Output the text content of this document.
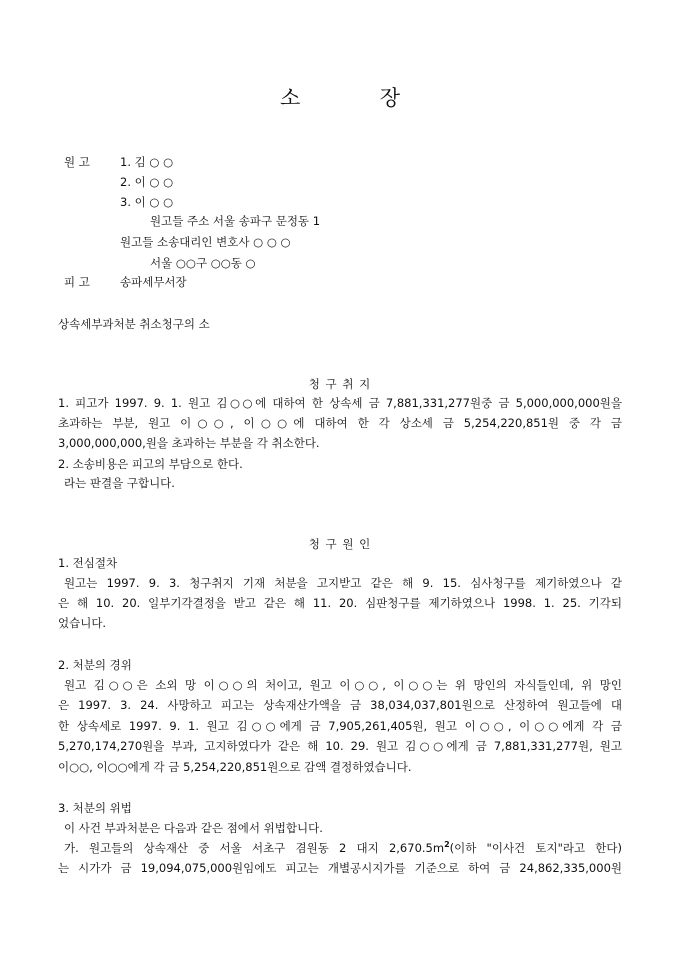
소	장
원 고	1. 김 ○ ○
2. 이 ○ ○
3. 이 ○ ○
원고들 주소 서울 송파구 문정동 1
원고들 소송대리인 변호사 ○ ○ ○
서울 ○○구 ○○동 ○
피 고	송파세무서장
상속세부과처분 취소청구의 소
청 구 취 지
1. 피고가 1997. 9. 1. 원고 김○○에 대하여 한 상속세 금 7,881,331,277원중 금 5,000,000,000원을
초과하는 부분, 원고 이○○, 이○○에 대하여 한 각 상소세 금 5,254,220,851원 중 각 금
3,000,000,000,원을 초과하는 부분을 각 취소한다.
2. 소송비용은 피고의 부담으로 한다.
라는 판결을 구합니다.
청 구 원 인
1. 전심절차
원고는 1997. 9. 3. 청구취지 기재 처분을 고지받고 같은 해 9. 15. 심사청구를 제기하였으나 같
은 해 10. 20. 일부기각결정을 받고 같은 해 11. 20. 심판청구를 제기하였으나 1998. 1. 25. 기각되
었습니다.
2. 처분의 경위
원고 김○○은 소외 망 이○○의 처이고, 원고 이○○, 이○○는 위 망인의 자식들인데, 위 망인
은 1997. 3. 24. 사망하고 피고는 상속재산가액을 금 38,034,037,801원으로 산정하여 원고들에 대
한 상속세로 1997. 9. 1. 원고 김○○에게 금 7,905,261,405원, 원고 이○○, 이○○에게 각 금
5,270,174,270원을 부과, 고지하였다가 같은 해 10. 29. 원고 김○○에게 금 7,881,331,277원, 원고
이○○, 이○○에게 각 금 5,254,220,851원으로 감액 결정하였습니다.
3. 처분의 위법
이 사건 부과처분은 다음과 같은 점에서 위법합니다.
가. 원고들의 상속재산 중 서울 서초구 겸원동 2 대지 $2,670.5m^2$(이하 "이사건 토지"라고 한다)
는 시가가 금 19,094,075,000원임에도 피고는 개별공시지가를 기준으로 하여 금 24,862,335,000원
